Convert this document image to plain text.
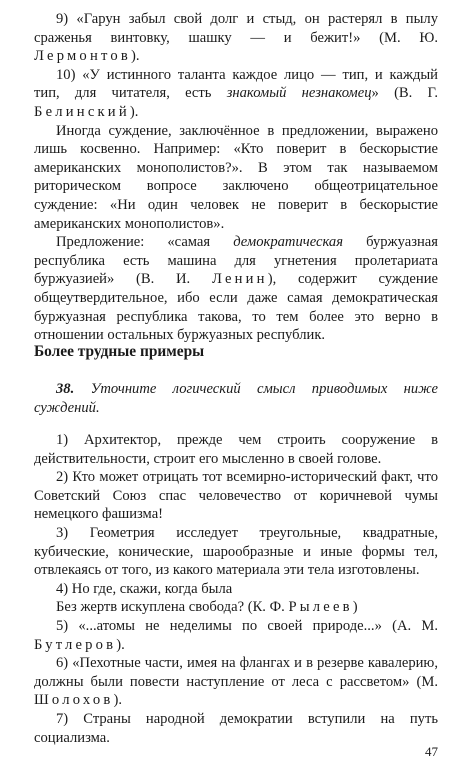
9) «Гарун забыл свой долг и стыд, он растерял в пылу сраженья винтовку, шашку — и бежит!» (М. Ю. Лермонтов).

10) «У истинного таланта каждое лицо — тип, и каждый тип, для читателя, есть знакомый незнакомец» (В. Г. Белинский).

Иногда суждение, заключённое в предложении, выражено лишь косвенно. Например: «Кто поверит в бескорыстие американских монополистов?». В этом так называемом риторическом вопросе заключено общеотрицательное суждение: «Ни один человек не поверит в бескорыстие американских монополистов».

Предложение: «самая демократическая буржуазная республика есть машина для угнетения пролетариата буржуазией» (В. И. Ленин), содержит суждение общеутвердительное, ибо если даже самая демократическая буржуазная республика такова, то тем более это верно в отношении остальных буржуазных республик.

Более трудные примеры

38. Уточните логический смысл приводимых ниже суждений.

1) Архитектор, прежде чем строить сооружение в действительности, строит его мысленно в своей голове.

2) Кто может отрицать тот всемирно-исторический факт, что Советский Союз спас человечество от коричневой чумы немецкого фашизма!

3) Геометрия исследует треугольные, квадратные, кубические, конические, шарообразные и иные формы тел, отвлекаясь от того, из какого материала эти тела изготовлены.

4) Но где, скажи, когда была

Без жертв искуплена свобода? (К. Ф. Рылеев)

5) «...атомы не неделимы по своей природе...» (А. М. Бутлеров).

6) «Пехотные части, имея на флангах и в резерве кавалерию, должны были повести наступление от леса с рассветом» (М. Шолохов).

7) Страны народной демократии вступили на путь социализма.

47
